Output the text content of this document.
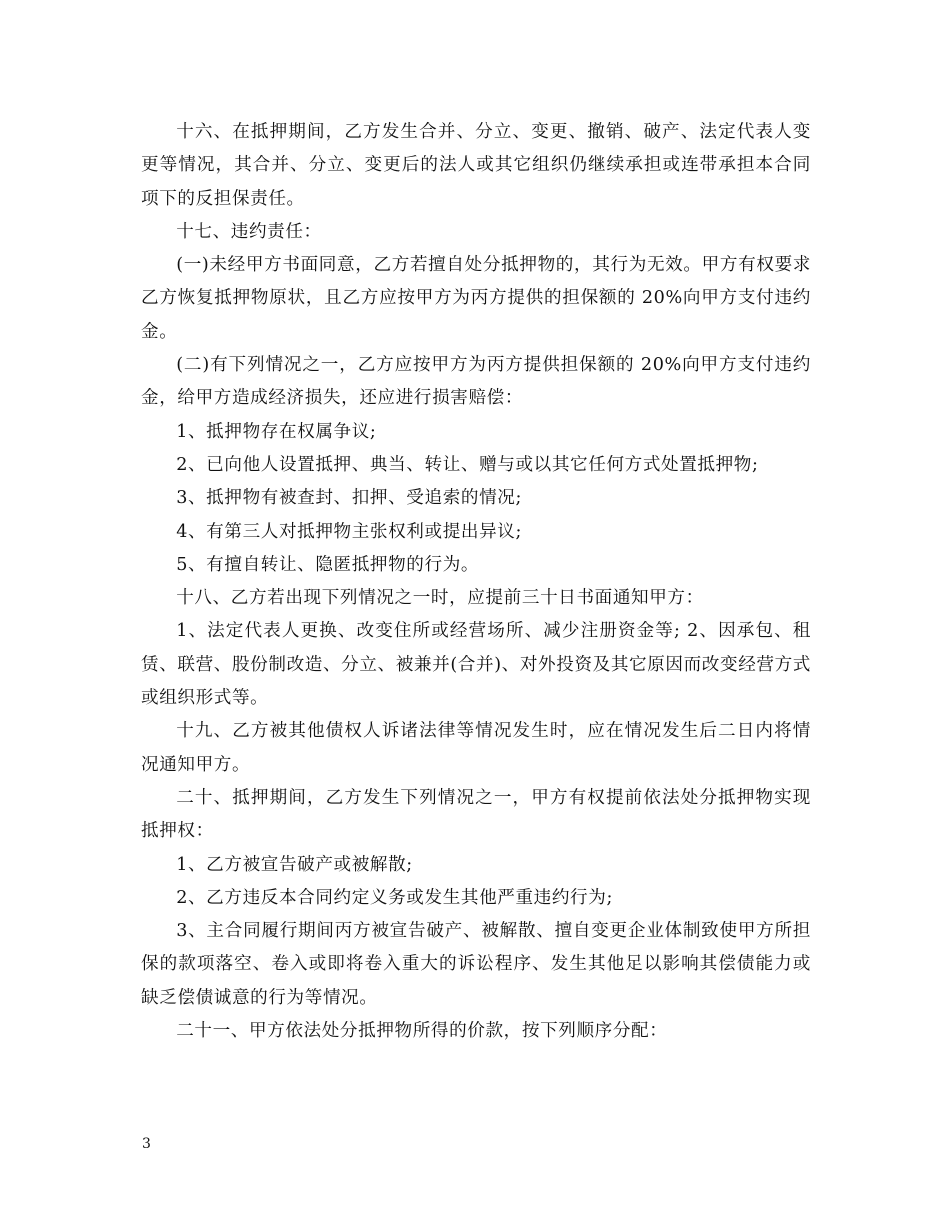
十六、在抵押期间，乙方发生合并、分立、变更、撤销、破产、法定代表人变更等情况，其合并、分立、变更后的法人或其它组织仍继续承担或连带承担本合同项下的反担保责任。

十七、违约责任：

(一)未经甲方书面同意，乙方若擅自处分抵押物的，其行为无效。甲方有权要求乙方恢复抵押物原状，且乙方应按甲方为丙方提供的担保额的 20%向甲方支付违约金。

(二)有下列情况之一，乙方应按甲方为丙方提供担保额的 20%向甲方支付违约金，给甲方造成经济损失，还应进行损害赔偿：

1、抵押物存在权属争议;

2、已向他人设置抵押、典当、转让、赠与或以其它任何方式处置抵押物;

3、抵押物有被查封、扣押、受追索的情况;

4、有第三人对抵押物主张权利或提出异议;

5、有擅自转让、隐匿抵押物的行为。

十八、乙方若出现下列情况之一时，应提前三十日书面通知甲方：

1、法定代表人更换、改变住所或经营场所、减少注册资金等; 2、因承包、租赁、联营、股份制改造、分立、被兼并(合并)、对外投资及其它原因而改变经营方式或组织形式等。

十九、乙方被其他债权人诉诸法律等情况发生时，应在情况发生后二日内将情况通知甲方。

二十、抵押期间，乙方发生下列情况之一，甲方有权提前依法处分抵押物实现抵押权：

1、乙方被宣告破产或被解散;

2、乙方违反本合同约定义务或发生其他严重违约行为;

3、主合同履行期间丙方被宣告破产、被解散、擅自变更企业体制致使甲方所担保的款项落空、卷入或即将卷入重大的诉讼程序、发生其他足以影响其偿债能力或缺乏偿债诚意的行为等情况。

二十一、甲方依法处分抵押物所得的价款，按下列顺序分配：

3
